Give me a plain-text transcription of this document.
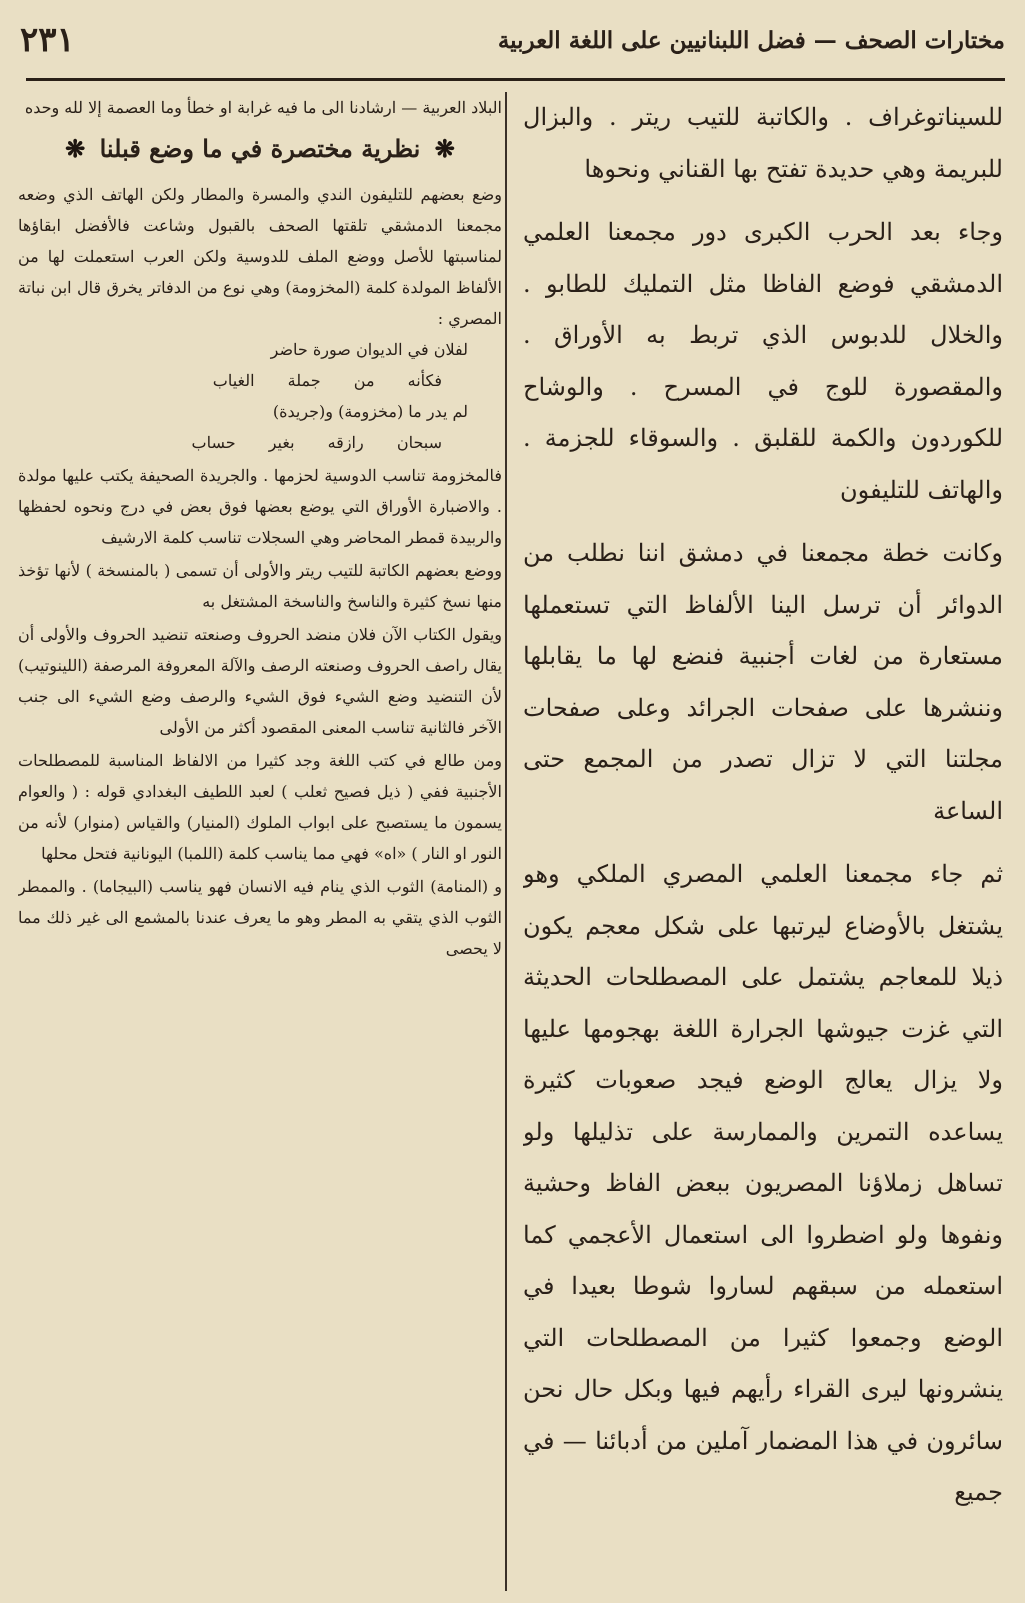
مختارات الصحف — فضل اللبنانيين على اللغة العربية
٢٣١

للسيناتوغراف . والكاتبة للتيب ريتر . والبزال للبريمة وهي حديدة تفتح بها القناني ونحوها

وجاء بعد الحرب الكبرى دور مجمعنا العلمي الدمشقي فوضع الفاظا مثل التمليك للطابو . والخلال للدبوس الذي تربط به الأوراق . والمقصورة للوج في المسرح . والوشاح للكوردون والكمة للقلبق . والسوقاء للجزمة . والهاتف للتليفون

وكانت خطة مجمعنا في دمشق اننا نطلب من الدوائر أن ترسل الينا الألفاظ التي تستعملها مستعارة من لغات أجنبية فنضع لها ما يقابلها وننشرها على صفحات الجرائد وعلى صفحات مجلتنا التي لا تزال تصدر من المجمع حتى الساعة

ثم جاء مجمعنا العلمي المصري الملكي وهو يشتغل بالأوضاع ليرتبها على شكل معجم يكون ذيلا للمعاجم يشتمل على المصطلحات الحديثة التي غزت جيوشها الجرارة اللغة بهجومها عليها ولا يزال يعالج الوضع فيجد صعوبات كثيرة يساعده التمرين والممارسة على تذليلها ولو تساهل زملاؤنا المصريون ببعض الفاظ وحشية ونفوها ولو اضطروا الى استعمال الأعجمي كما استعمله من سبقهم لساروا شوطا بعيدا في الوضع وجمعوا كثيرا من المصطلحات التي ينشرونها ليرى القراء رأيهم فيها وبكل حال نحن سائرون في هذا المضمار آملين من أدبائنا — في جميع

البلاد العربية — ارشادنا الى ما فيه غرابة او خطأ وما العصمة إلا لله وحده

❋ نظرية مختصرة في ما وضع قبلنا ❋

وضع بعضهم للتليفون الندي والمسرة والمطار ولكن الهاتف الذي وضعه مجمعنا الدمشقي تلقتها الصحف بالقبول وشاعت فالأفضل ابقاؤها لمناسبتها للأصل ووضع الملف للدوسية ولكن العرب استعملت لها من الألفاظ المولدة كلمة (المخزومة) وهي نوع من الدفاتر يخرق قال ابن نباتة المصري :

لفلان في الديوان صورة حاضر
فكأنه من جملة الغياب
لم يدر ما (مخزومة) و(جريدة)
سبحان رازقه بغير حساب

فالمخزومة تناسب الدوسية لحزمها . والجريدة الصحيفة يكتب عليها مولدة . والاضبارة الأوراق التي يوضع بعضها فوق بعض في درج ونحوه لحفظها والربيدة قمطر المحاضر وهي السجلات تناسب كلمة الارشيف

ووضع بعضهم الكاتبة للتيب ريتر والأولى أن تسمى ( بالمنسخة ) لأنها تؤخذ منها نسخ كثيرة والناسخ والناسخة المشتغل به

ويقول الكتاب الآن فلان منضد الحروف وصنعته تنضيد الحروف والأولى أن يقال راصف الحروف وصنعته الرصف والآلة المعروفة المرصفة (اللينوتيب) لأن التنضيد وضع الشيء فوق الشيء والرصف وضع الشيء الى جنب الآخر فالثانية تناسب المعنى المقصود أكثر من الأولى

ومن طالع في كتب اللغة وجد كثيرا من الالفاظ المناسبة للمصطلحات الأجنبية ففي ( ذيل فصيح ثعلب ) لعبد اللطيف البغدادي قوله : ( والعوام يسمون ما يستصبح على ابواب الملوك (المنيار) والقياس (منوار) لأنه من النور او النار ) «اه» فهي مما يناسب كلمة (اللمبا) اليونانية فتحل محلها

و (المنامة) الثوب الذي ينام فيه الانسان فهو يناسب (البيجاما) . والممطر الثوب الذي يتقي به المطر وهو ما يعرف عندنا بالمشمع الى غير ذلك مما لا يحصى
